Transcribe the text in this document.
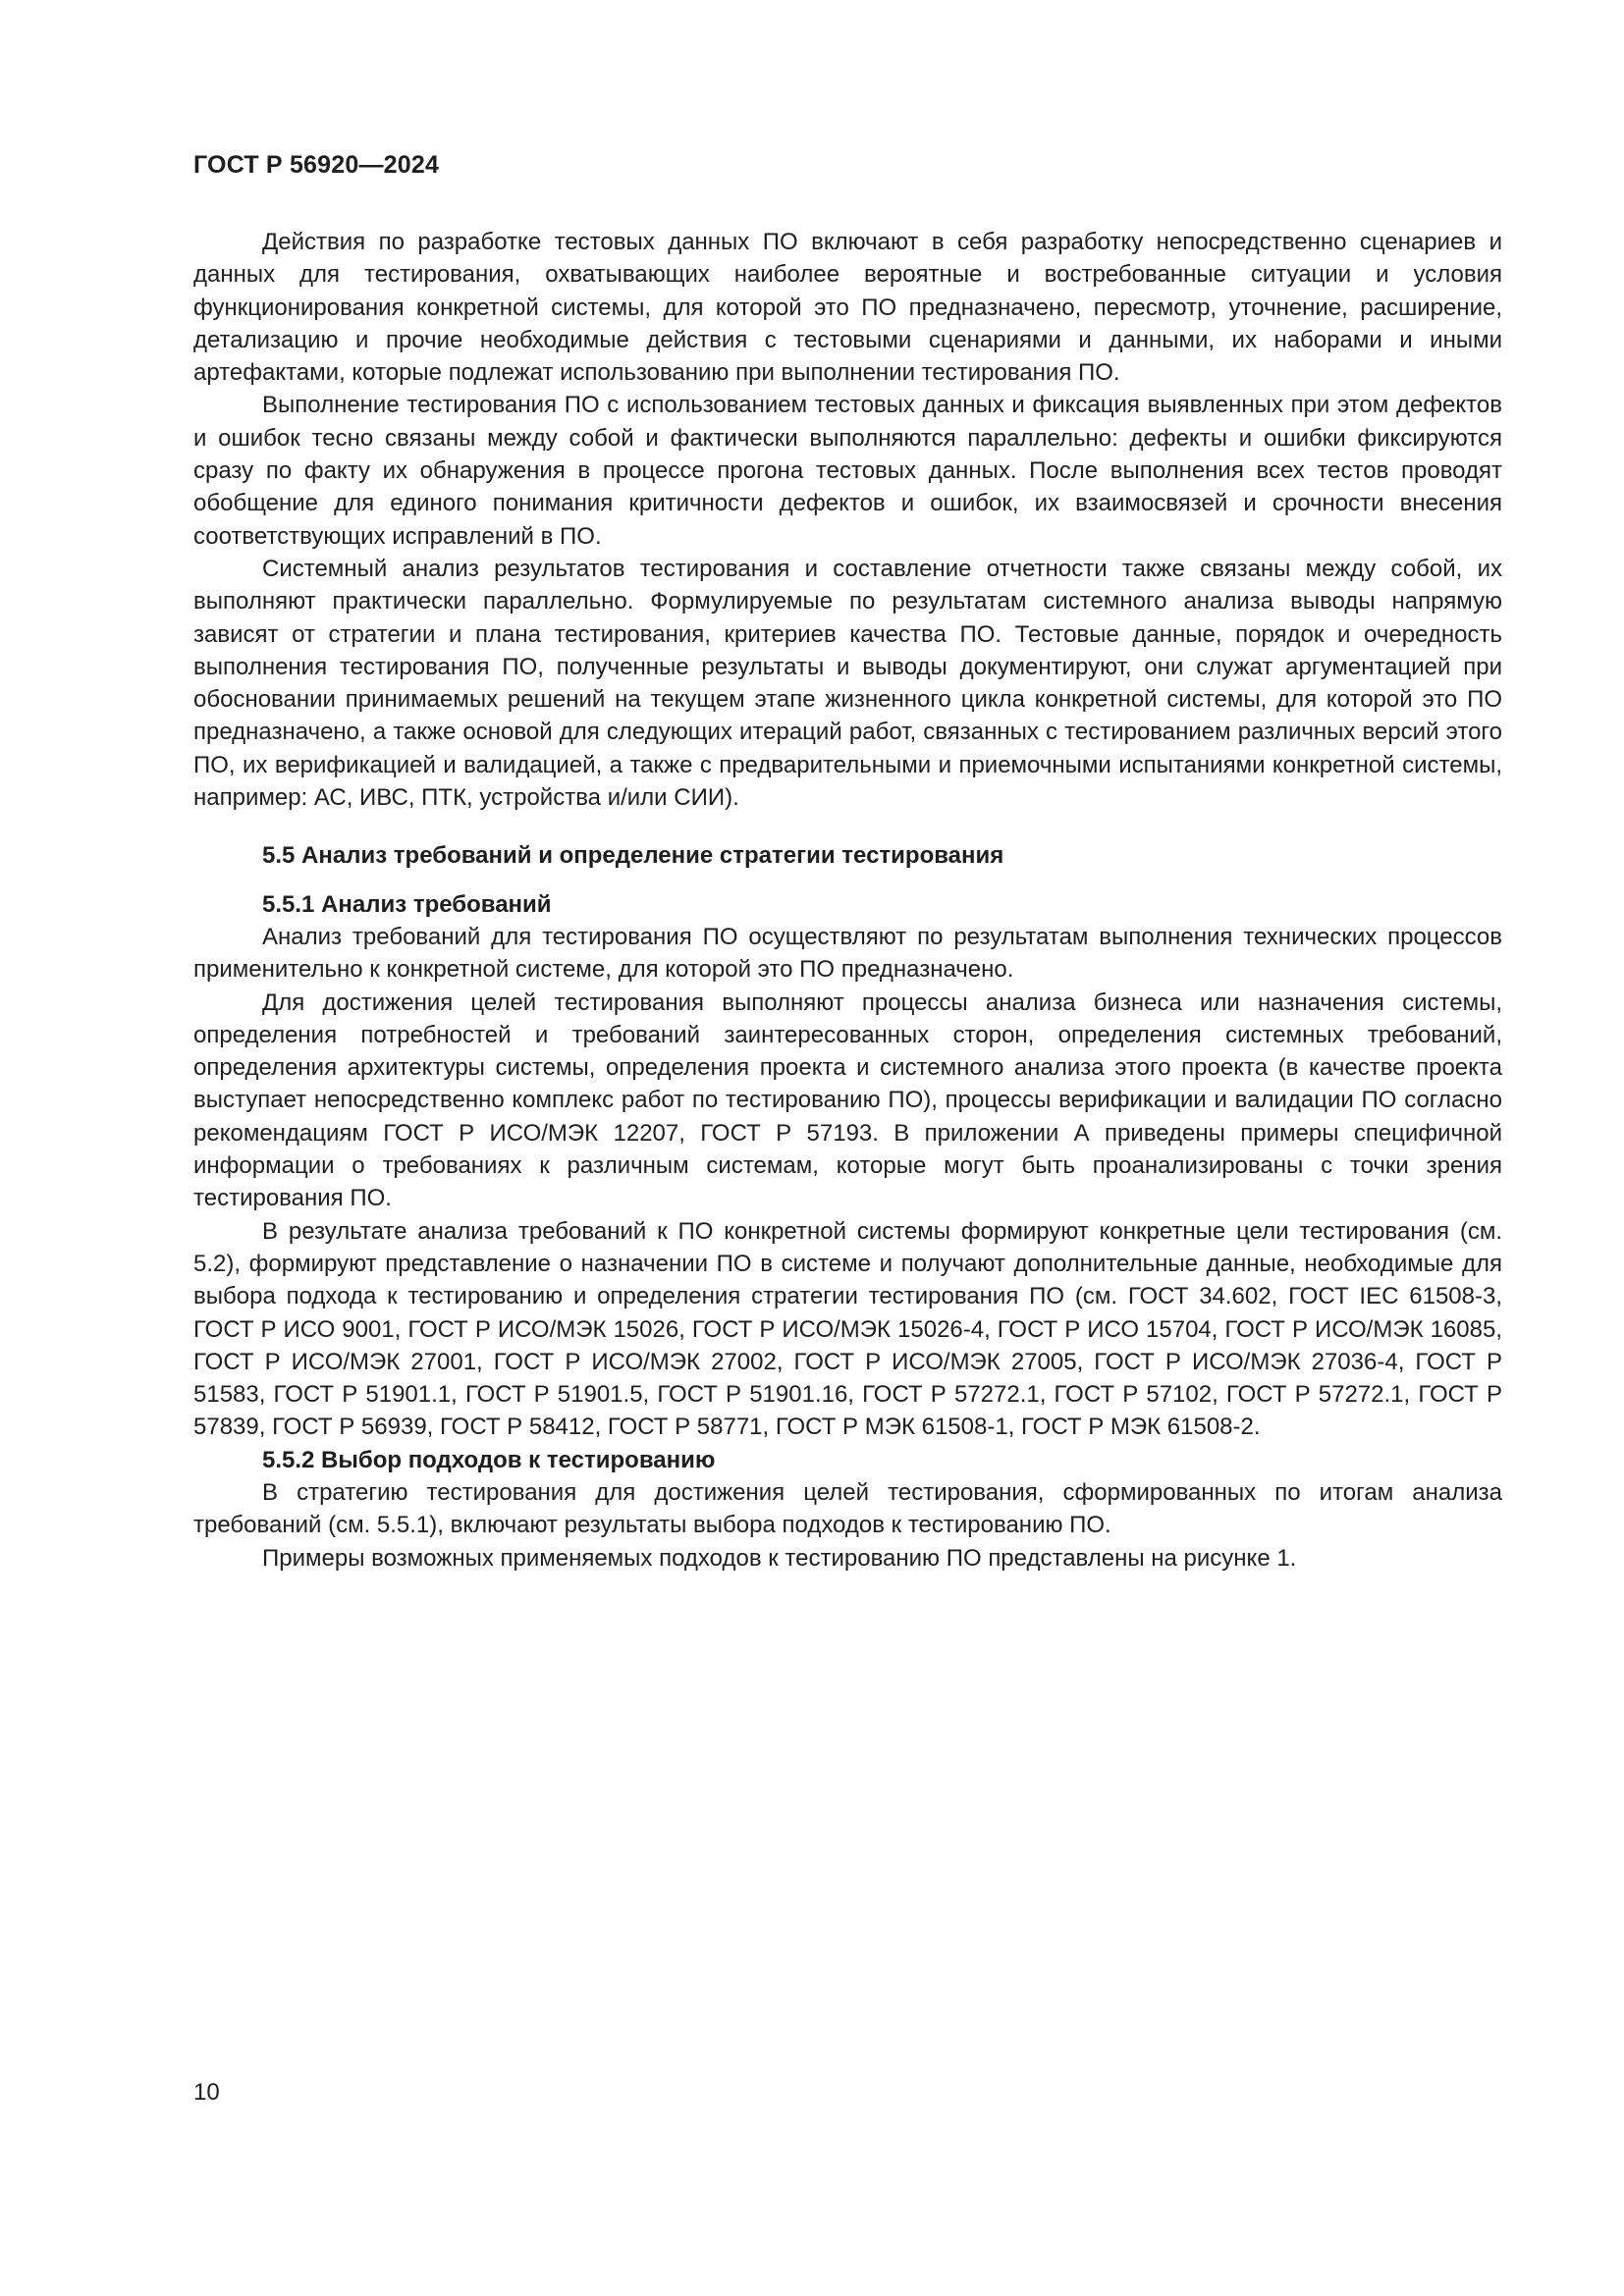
ГОСТ Р 56920—2024

Действия по разработке тестовых данных ПО включают в себя разработку непосредственно сценариев и данных для тестирования, охватывающих наиболее вероятные и востребованные ситуации и условия функционирования конкретной системы, для которой это ПО предназначено, пересмотр, уточнение, расширение, детализацию и прочие необходимые действия с тестовыми сценариями и данными, их наборами и иными артефактами, которые подлежат использованию при выполнении тестирования ПО.

Выполнение тестирования ПО с использованием тестовых данных и фиксация выявленных при этом дефектов и ошибок тесно связаны между собой и фактически выполняются параллельно: дефекты и ошибки фиксируются сразу по факту их обнаружения в процессе прогона тестовых данных. После выполнения всех тестов проводят обобщение для единого понимания критичности дефектов и ошибок, их взаимосвязей и срочности внесения соответствующих исправлений в ПО.

Системный анализ результатов тестирования и составление отчетности также связаны между собой, их выполняют практически параллельно. Формулируемые по результатам системного анализа выводы напрямую зависят от стратегии и плана тестирования, критериев качества ПО. Тестовые данные, порядок и очередность выполнения тестирования ПО, полученные результаты и выводы документируют, они служат аргументацией при обосновании принимаемых решений на текущем этапе жизненного цикла конкретной системы, для которой это ПО предназначено, а также основой для следующих итераций работ, связанных с тестированием различных версий этого ПО, их верификацией и валидацией, а также с предварительными и приемочными испытаниями конкретной системы, например: АС, ИВС, ПТК, устройства и/или СИИ).

5.5 Анализ требований и определение стратегии тестирования

5.5.1 Анализ требований

Анализ требований для тестирования ПО осуществляют по результатам выполнения технических процессов применительно к конкретной системе, для которой это ПО предназначено.

Для достижения целей тестирования выполняют процессы анализа бизнеса или назначения системы, определения потребностей и требований заинтересованных сторон, определения системных требований, определения архитектуры системы, определения проекта и системного анализа этого проекта (в качестве проекта выступает непосредственно комплекс работ по тестированию ПО), процессы верификации и валидации ПО согласно рекомендациям ГОСТ Р ИСО/МЭК 12207, ГОСТ Р 57193. В приложении А приведены примеры специфичной информации о требованиях к различным системам, которые могут быть проанализированы с точки зрения тестирования ПО.

В результате анализа требований к ПО конкретной системы формируют конкретные цели тестирования (см. 5.2), формируют представление о назначении ПО в системе и получают дополнительные данные, необходимые для выбора подхода к тестированию и определения стратегии тестирования ПО (см. ГОСТ 34.602, ГОСТ IEC 61508-3, ГОСТ Р ИСО 9001, ГОСТ Р ИСО/МЭК 15026, ГОСТ Р ИСО/МЭК 15026-4, ГОСТ Р ИСО 15704, ГОСТ Р ИСО/МЭК 16085, ГОСТ Р ИСО/МЭК 27001, ГОСТ Р ИСО/МЭК 27002, ГОСТ Р ИСО/МЭК 27005, ГОСТ Р ИСО/МЭК 27036-4, ГОСТ Р 51583, ГОСТ Р 51901.1, ГОСТ Р 51901.5, ГОСТ Р 51901.16, ГОСТ Р 57272.1, ГОСТ Р 57102, ГОСТ Р 57272.1, ГОСТ Р 57839, ГОСТ Р 56939, ГОСТ Р 58412, ГОСТ Р 58771, ГОСТ Р МЭК 61508-1, ГОСТ Р МЭК 61508-2.

5.5.2 Выбор подходов к тестированию

В стратегию тестирования для достижения целей тестирования, сформированных по итогам анализа требований (см. 5.5.1), включают результаты выбора подходов к тестированию ПО.

Примеры возможных применяемых подходов к тестированию ПО представлены на рисунке 1.

10
